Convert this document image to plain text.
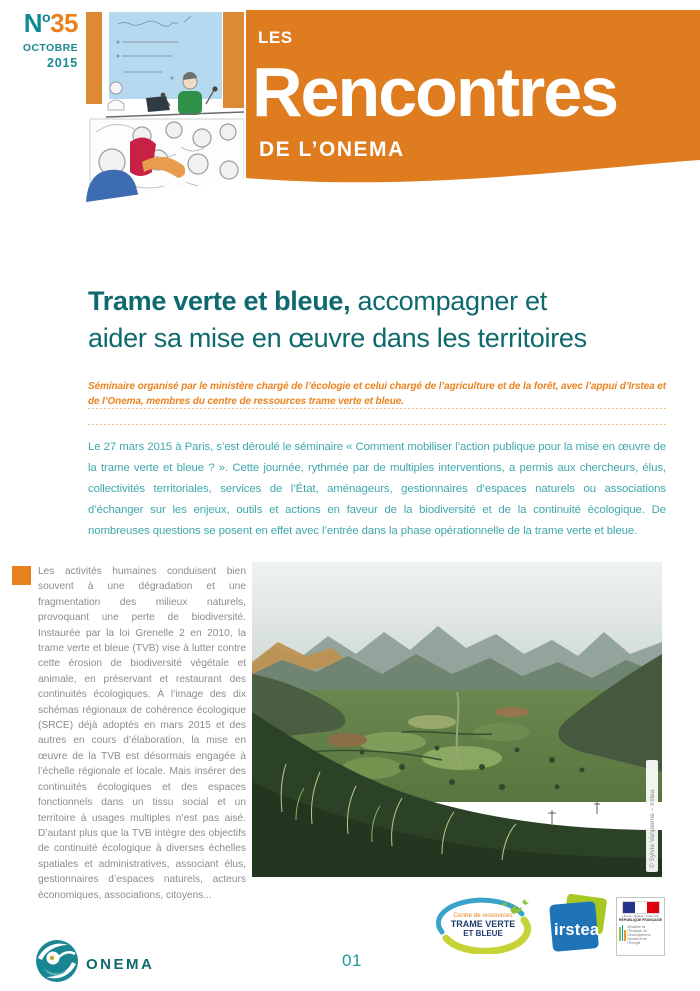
$N^o35$
OCTOBRE
2015
LES
Rencontres
DE L’ONEMA
Trame verte et bleue, accompagner et
aider sa mise en œuvre dans les territoires

Séminaire organisé par le ministère chargé de l’écologie et celui chargé de l’agriculture et de la forêt, avec l’appui d’Irstea et de l’Onema, membres du centre de ressources trame verte et bleue.

Le 27 mars 2015 à Paris, s’est déroulé le séminaire « Comment mobiliser l’action publique pour la mise en œuvre de la trame verte et bleue ? ». Cette journée, rythmée par de multiples interventions, a permis aux chercheurs, élus, collectivités territoriales, services de l’État, aménageurs, gestionnaires d’espaces naturels ou associations d’échanger sur les enjeux, outils et actions en faveur de la biodiversité et de la continuité écologique. De nombreuses questions se posent en effet avec l’entrée dans la phase opérationnelle de la trame verte et bleue.

Les activités humaines conduisent bien souvent à une dégradation et une fragmentation des milieux naturels, provoquant une perte de biodiversité. Instaurée par la loi Grenelle 2 en 2010, la trame verte et bleue (TVB) vise à lutter contre cette érosion de biodiversité végétale et animale, en préservant et restaurant des continuités écologiques. À l’image des dix schémas régionaux de cohérence écologique (SRCE) déjà adoptés en mars 2015 et des autres en cours d’élaboration, la mise en œuvre de la TVB est désormais engagée à l’échelle régionale et locale. Mais insérer des continuités écologiques et des espaces fonctionnels dans un tissu social et un territoire à usages multiples n’est pas aisé. D’autant plus que la TVB intègre des objectifs de continuité écologique à diverses échelles spatiales et administratives, associant élus, gestionnaires d’espaces naturels, acteurs économiques, associations, citoyens...

© Sylvie Vanpeene – Irstea
ONEMA	01
Centre de ressources
TRAME VERTE
ET BLEUE	irstea
Liberté • Égalité • Fraternité
RÉPUBLIQUE FRANÇAISE
Ministère de l’Écologie, du Développement durable et de l’Énergie
